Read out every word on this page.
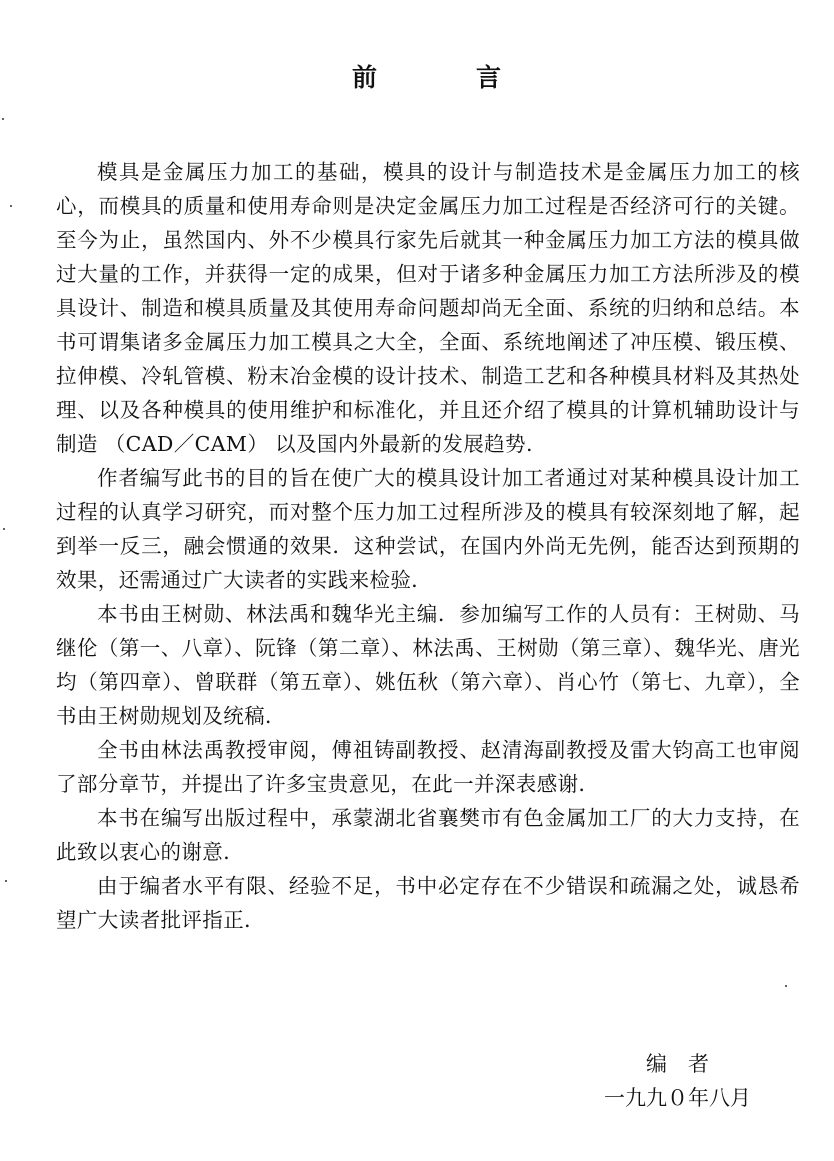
前	言

模具是金属压力加工的基础，模具的设计与制造技术是金属压力加工的核心，而模具的质量和使用寿命则是决定金属压力加工过程是否经济可行的关键。至今为止，虽然国内、外不少模具行家先后就其一种金属压力加工方法的模具做过大量的工作，并获得一定的成果，但对于诸多种金属压力加工方法所涉及的模具设计、制造和模具质量及其使用寿命问题却尚无全面、系统的归纳和总结。本书可谓集诸多金属压力加工模具之大全，全面、系统地阐述了冲压模、锻压模、拉伸模、冷轧管模、粉末冶金模的设计技术、制造工艺和各种模具材料及其热处理、以及各种模具的使用维护和标准化，并且还介绍了模具的计算机辅助设计与制造 （CAD／CAM） 以及国内外最新的发展趋势.

作者编写此书的目的旨在使广大的模具设计加工者通过对某种模具设计加工过程的认真学习研究，而对整个压力加工过程所涉及的模具有较深刻地了解，起到举一反三，融会惯通的效果．这种尝试，在国内外尚无先例，能否达到预期的效果，还需通过广大读者的实践来检验．

本书由王树勋、林法禹和魏华光主编．参加编写工作的人员有：王树勋、马继伦（第一、八章）、阮锋（第二章）、林法禹、王树勋（第三章）、魏华光、唐光均（第四章）、曾联群（第五章）、姚伍秋（第六章）、肖心竹（第七、九章），全书由王树勋规划及统稿．

全书由林法禹教授审阅，傅祖铸副教授、赵清海副教授及雷大钧高工也审阅了部分章节，并提出了许多宝贵意见，在此一并深表感谢．

本书在编写出版过程中，承蒙湖北省襄樊市有色金属加工厂的大力支持，在此致以衷心的谢意．

由于编者水平有限、经验不足，书中必定存在不少错误和疏漏之处，诚恳希望广大读者批评指正．

编　者
一九九０年八月
